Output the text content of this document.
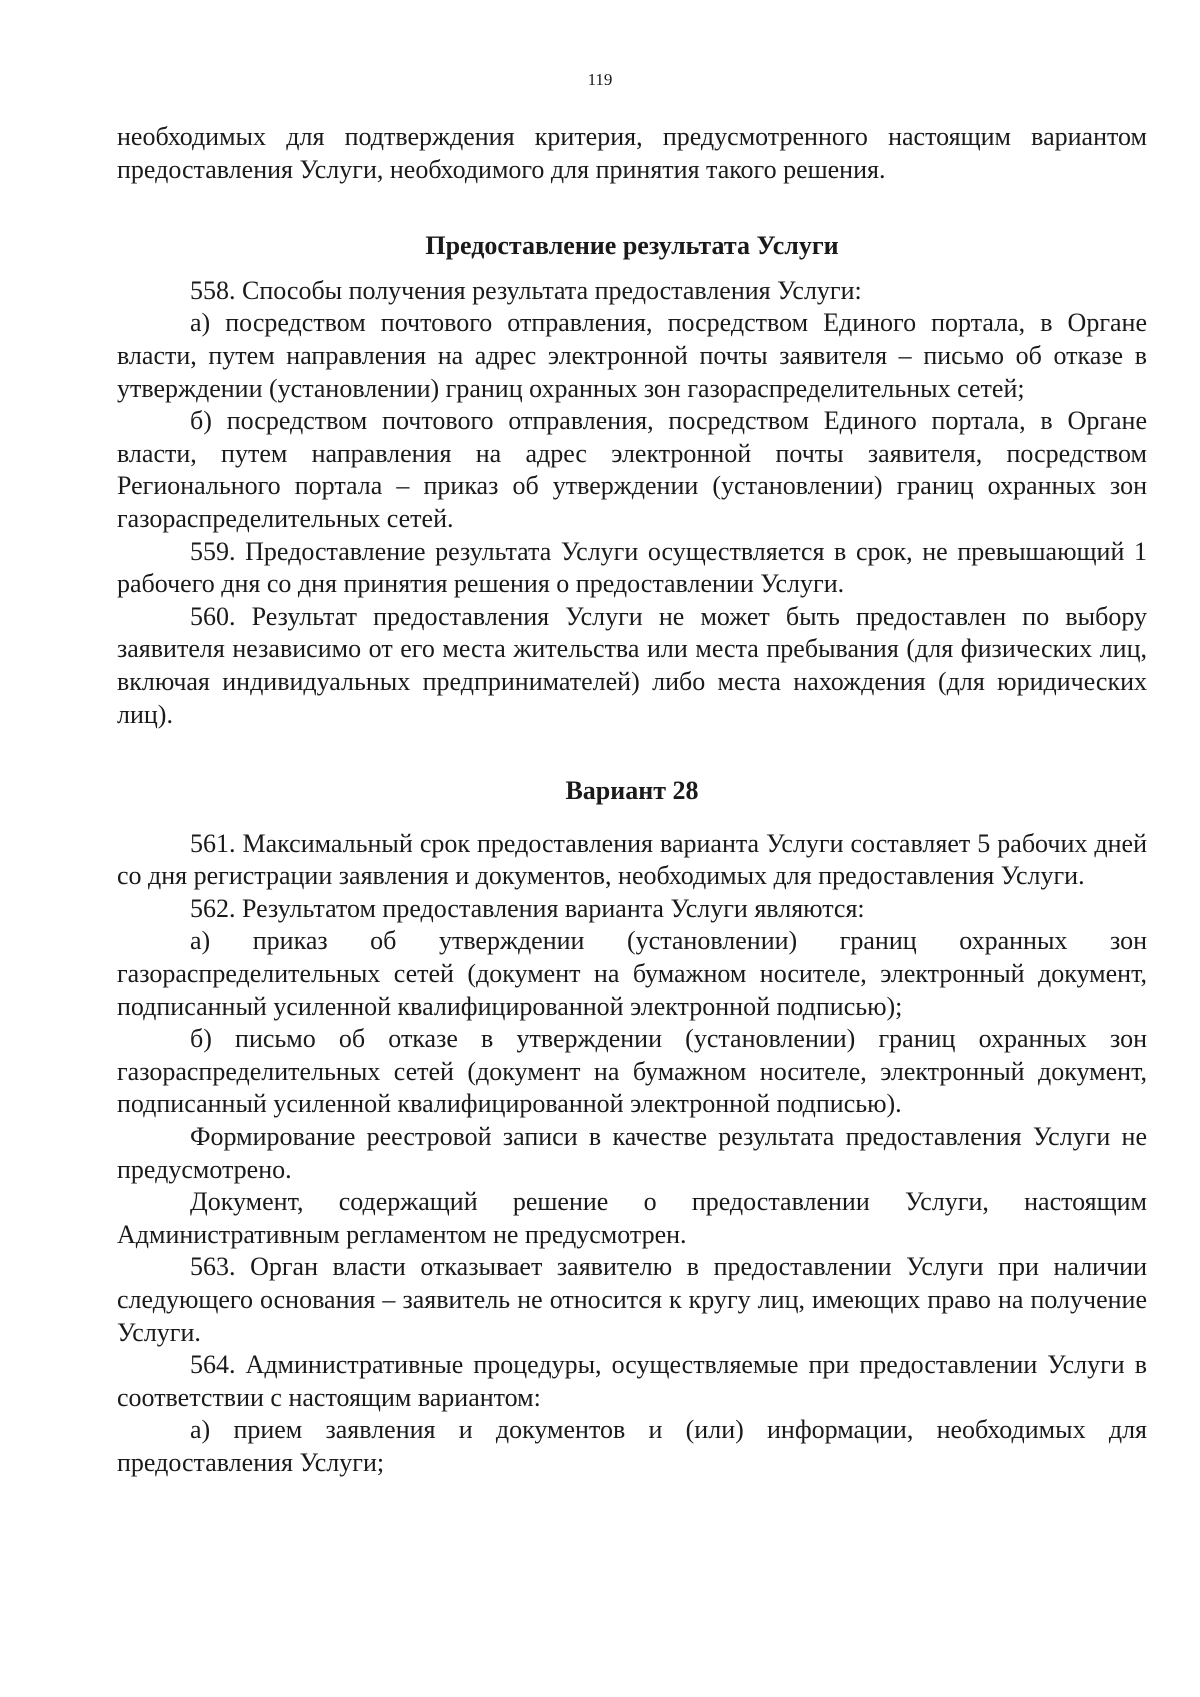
119

необходимых для подтверждения критерия, предусмотренного настоящим вариантом предоставления Услуги, необходимого для принятия такого решения.

Предоставление результата Услуги

558. Способы получения результата предоставления Услуги:

а) посредством почтового отправления, посредством Единого портала, в Органе власти, путем направления на адрес электронной почты заявителя – письмо об отказе в утверждении (установлении) границ охранных зон газораспределительных сетей;

б) посредством почтового отправления, посредством Единого портала, в Органе власти, путем направления на адрес электронной почты заявителя, посредством Регионального портала – приказ об утверждении (установлении) границ охранных зон газораспределительных сетей.

559. Предоставление результата Услуги осуществляется в срок, не превышающий 1 рабочего дня со дня принятия решения о предоставлении Услуги.

560. Результат предоставления Услуги не может быть предоставлен по выбору заявителя независимо от его места жительства или места пребывания (для физических лиц, включая индивидуальных предпринимателей) либо места нахождения (для юридических лиц).

Вариант 28

561. Максимальный срок предоставления варианта Услуги составляет 5 рабочих дней со дня регистрации заявления и документов, необходимых для предоставления Услуги.

562. Результатом предоставления варианта Услуги являются:

а) приказ об утверждении (установлении) границ охранных зон газораспределительных сетей (документ на бумажном носителе, электронный документ, подписанный усиленной квалифицированной электронной подписью);

б) письмо об отказе в утверждении (установлении) границ охранных зон газораспределительных сетей (документ на бумажном носителе, электронный документ, подписанный усиленной квалифицированной электронной подписью).

Формирование реестровой записи в качестве результата предоставления Услуги не предусмотрено.

Документ, содержащий решение о предоставлении Услуги, настоящим Административным регламентом не предусмотрен.

563. Орган власти отказывает заявителю в предоставлении Услуги при наличии следующего основания – заявитель не относится к кругу лиц, имеющих право на получение Услуги.

564. Административные процедуры, осуществляемые при предоставлении Услуги в соответствии с настоящим вариантом:

а) прием заявления и документов и (или) информации, необходимых для предоставления Услуги;
